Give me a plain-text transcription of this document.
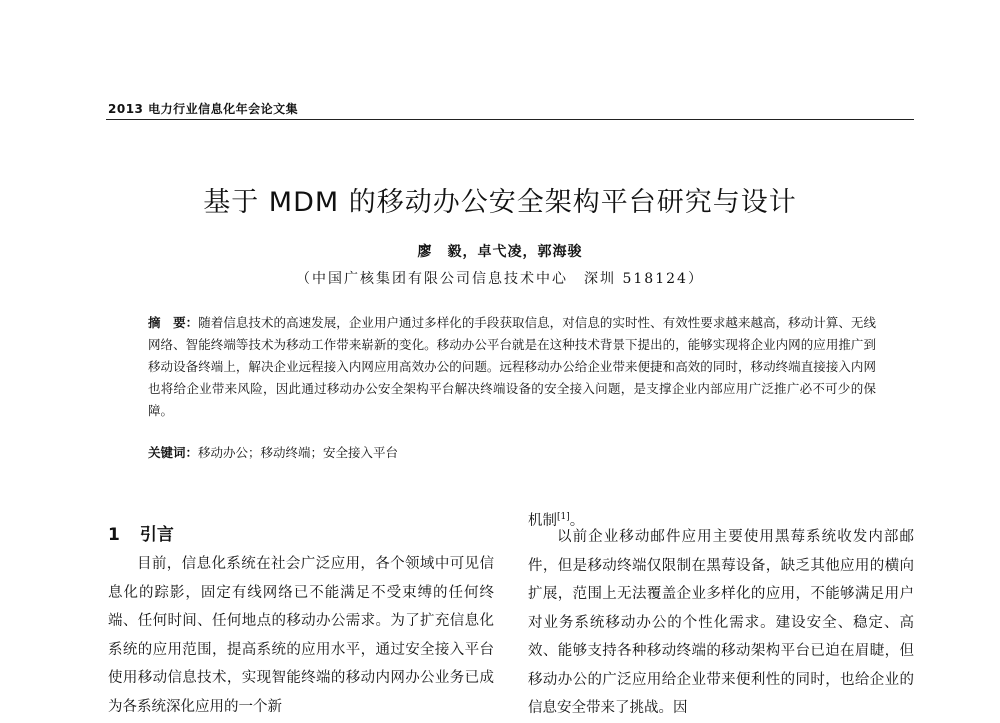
2013 电力行业信息化年会论文集
基于 MDM 的移动办公安全架构平台研究与设计
廖　毅，卓弋凌，郭海骏
（中国广核集团有限公司信息技术中心　深圳 518124）

摘　要：随着信息技术的高速发展，企业用户通过多样化的手段获取信息，对信息的实时性、有效性要求越来越高，移动计算、无线网络、智能终端等技术为移动工作带来崭新的变化。移动办公平台就是在这种技术背景下提出的，能够实现将企业内网的应用推广到移动设备终端上，解决企业远程接入内网应用高效办公的问题。远程移动办公给企业带来便捷和高效的同时，移动终端直接接入内网也将给企业带来风险，因此通过移动办公安全架构平台解决终端设备的安全接入问题，是支撑企业内部应用广泛推广必不可少的保障。

关键词：移动办公；移动终端；安全接入平台

1 引言

目前，信息化系统在社会广泛应用，各个领域中可见信息化的踪影，固定有线网络已不能满足不受束缚的任何终端、任何时间、任何地点的移动办公需求。为了扩充信息化系统的应用范围，提高系统的应用水平，通过安全接入平台使用移动信息技术，实现智能终端的移动内网办公业务已成为各系统深化应用的一个新

机制[1]。

以前企业移动邮件应用主要使用黑莓系统收发内部邮件，但是移动终端仅限制在黑莓设备，缺乏其他应用的横向扩展，范围上无法覆盖企业多样化的应用，不能够满足用户对业务系统移动办公的个性化需求。建设安全、稳定、高效、能够支持各种移动终端的移动架构平台已迫在眉睫，但移动办公的广泛应用给企业带来便利性的同时，也给企业的信息安全带来了挑战。因
